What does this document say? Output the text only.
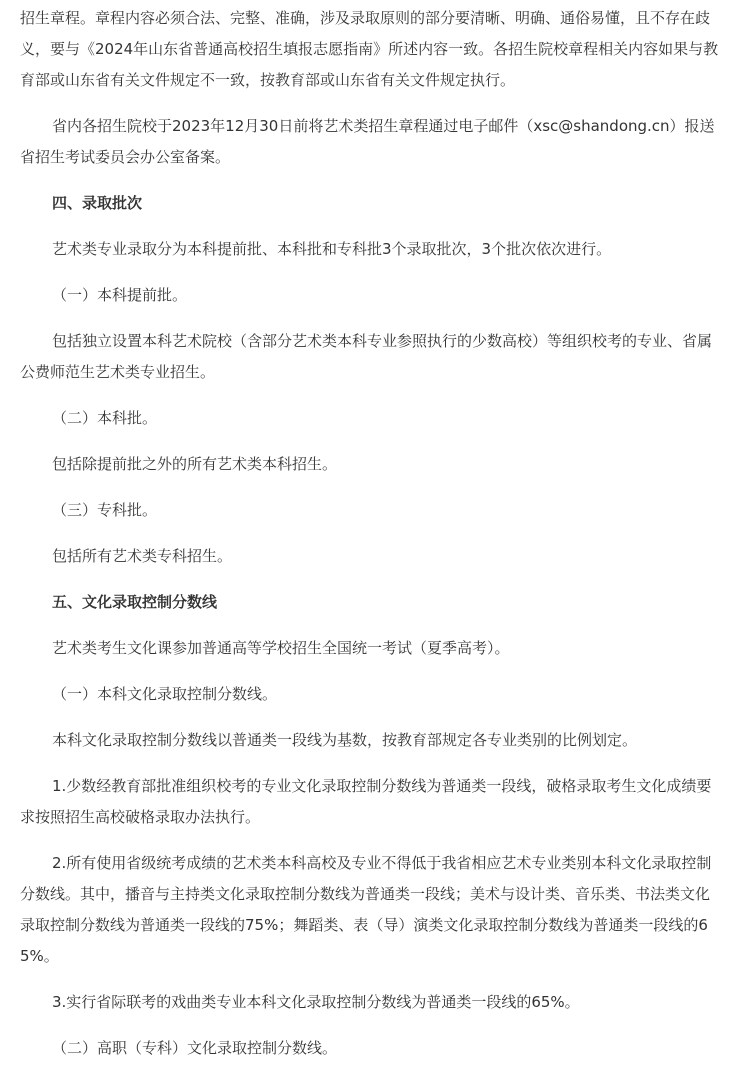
招生章程。章程内容必须合法、完整、准确，涉及录取原则的部分要清晰、明确、通俗易懂，且不存在歧义，要与《2024年山东省普通高校招生填报志愿指南》所述内容一致。各招生院校章程相关内容如果与教育部或山东省有关文件规定不一致，按教育部或山东省有关文件规定执行。

省内各招生院校于2023年12月30日前将艺术类招生章程通过电子邮件（xsc@shandong.cn）报送省招生考试委员会办公室备案。

四、录取批次

艺术类专业录取分为本科提前批、本科批和专科批3个录取批次，3个批次依次进行。

（一）本科提前批。

包括独立设置本科艺术院校（含部分艺术类本科专业参照执行的少数高校）等组织校考的专业、省属公费师范生艺术类专业招生。

（二）本科批。

包括除提前批之外的所有艺术类本科招生。

（三）专科批。

包括所有艺术类专科招生。

五、文化录取控制分数线

艺术类考生文化课参加普通高等学校招生全国统一考试（夏季高考）。

（一）本科文化录取控制分数线。

本科文化录取控制分数线以普通类一段线为基数，按教育部规定各专业类别的比例划定。

1.少数经教育部批准组织校考的专业文化录取控制分数线为普通类一段线，破格录取考生文化成绩要求按照招生高校破格录取办法执行。

2.所有使用省级统考成绩的艺术类本科高校及专业不得低于我省相应艺术专业类别本科文化录取控制分数线。其中，播音与主持类文化录取控制分数线为普通类一段线；美术与设计类、音乐类、书法类文化录取控制分数线为普通类一段线的75%；舞蹈类、表（导）演类文化录取控制分数线为普通类一段线的65%。

3.实行省际联考的戏曲类专业本科文化录取控制分数线为普通类一段线的65%。

（二）高职（专科）文化录取控制分数线。
